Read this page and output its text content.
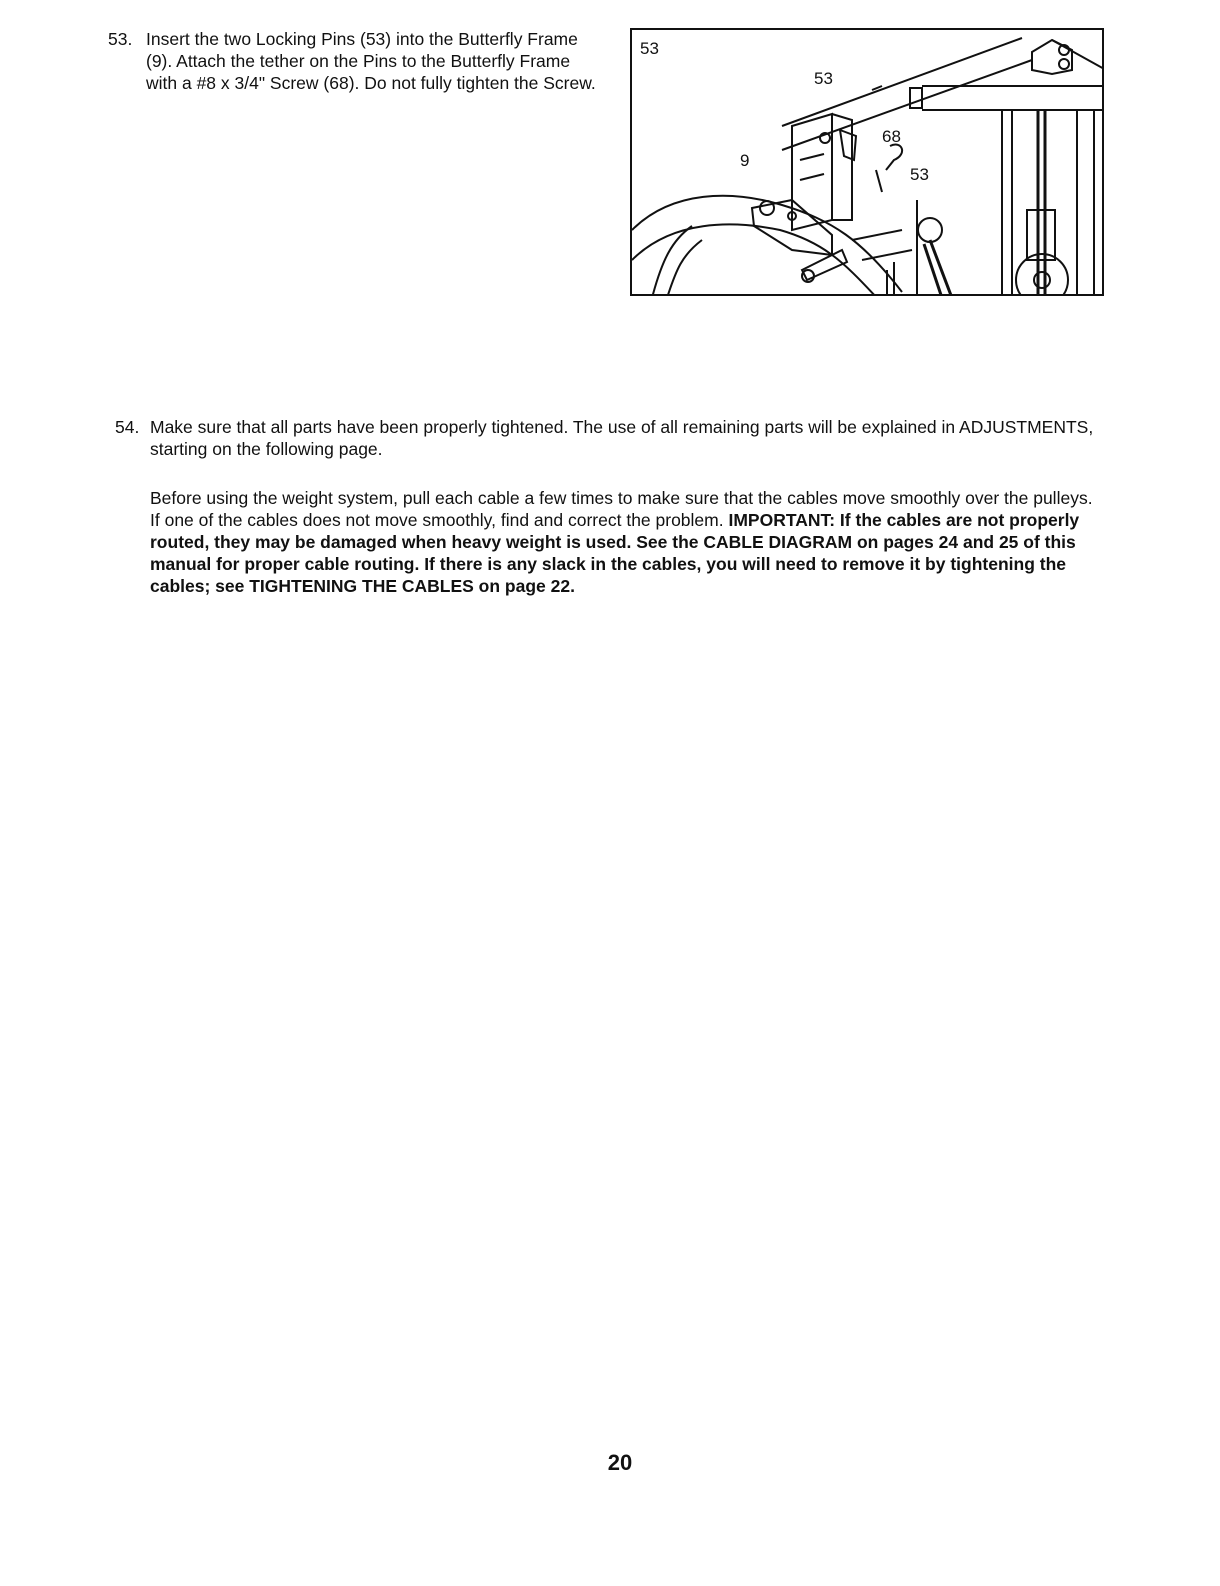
53. Insert the two Locking Pins (53) into the Butterfly Frame (9). Attach the tether on the Pins to the Butterfly Frame with a #8 x 3/4" Screw (68). Do not fully tighten the Screw.
53
53
68
9
53
54. Make sure that all parts have been properly tightened. The use of all remaining parts will be explained in ADJUSTMENTS, starting on the following page.
Before using the weight system, pull each cable a few times to make sure that the cables move smoothly over the pulleys. If one of the cables does not move smoothly, find and correct the problem. IMPORTANT: If the cables are not properly routed, they may be damaged when heavy weight is used. See the CABLE DIAGRAM on pages 24 and 25 of this manual for proper cable routing. If there is any slack in the cables, you will need to remove it by tightening the cables; see TIGHTENING THE CABLES on page 22.
20
